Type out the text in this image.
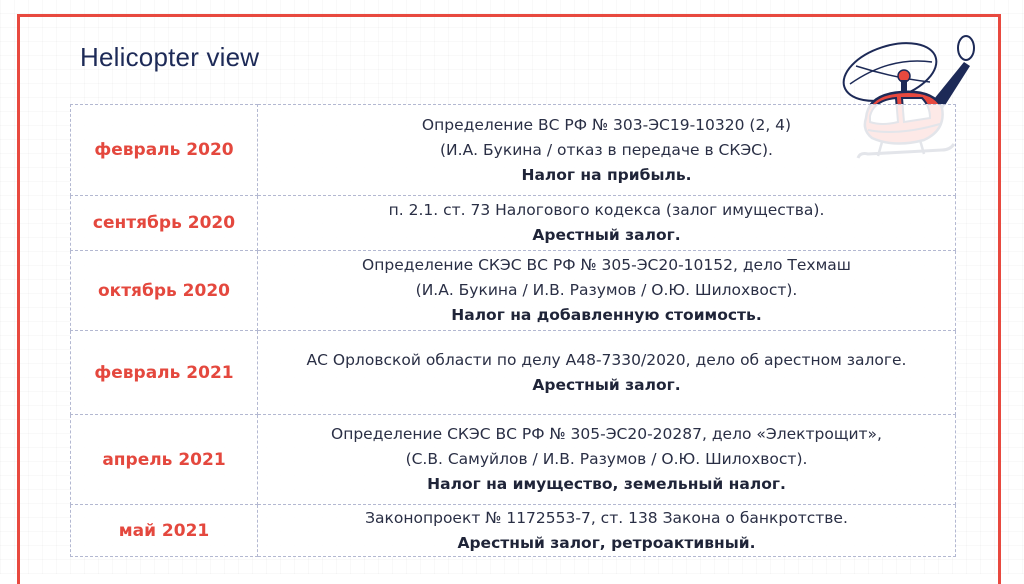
Helicopter view
февраль 2020	Определение ВС РФ № 303-ЭС19-10320 (2, 4)
(И.А. Букина / отказ в передаче в СКЭС).
Налог на прибыль.

сентябрь 2020	п. 2.1. ст. 73 Налогового кодекса (залог имущества).
Арестный залог.

октябрь 2020	Определение СКЭС ВС РФ № 305-ЭС20-10152, дело Техмаш
(И.А. Букина / И.В. Разумов / О.Ю. Шилохвост).
Налог на добавленную стоимость.

февраль 2021	АС Орловской области по делу А48-7330/2020, дело об арестном залоге.
Арестный залог.

апрель 2021	Определение СКЭС ВС РФ № 305-ЭС20-20287, дело «Электрощит»,
(С.В. Самуйлов / И.В. Разумов / О.Ю. Шилохвост).
Налог на имущество, земельный налог.

май 2021	Законопроект № 1172553-7, ст. 138 Закона о банкротстве.
Арестный залог, ретроактивный.
